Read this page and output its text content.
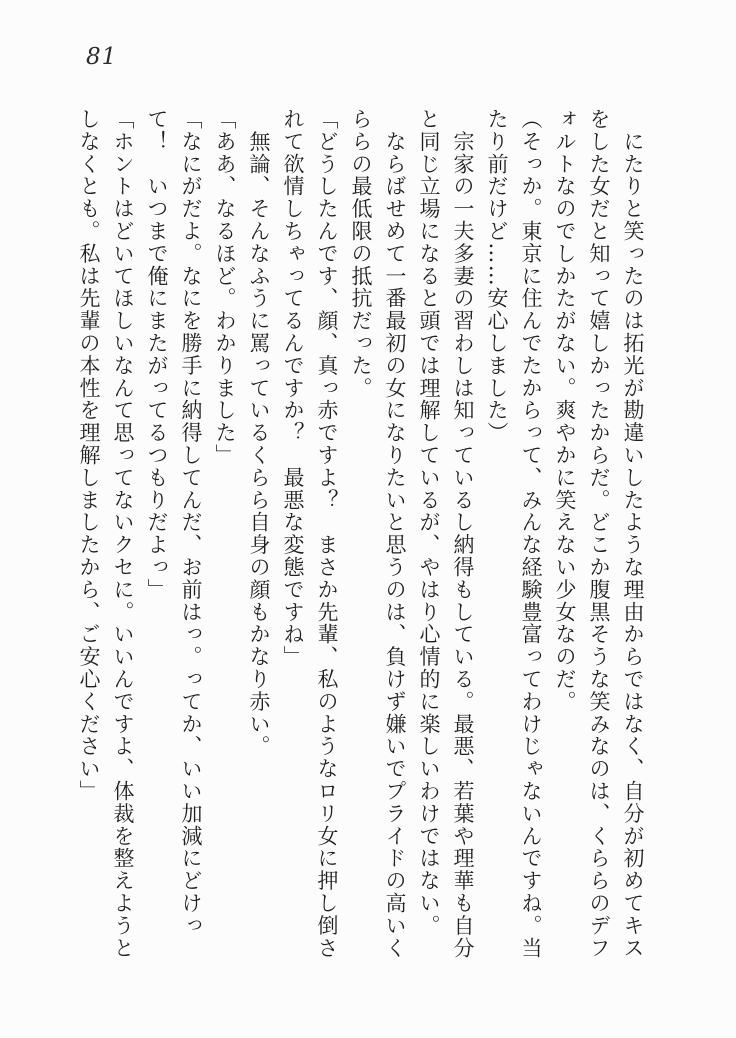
81
　にたりと笑ったのは拓光が勘違いしたような理由からではなく、自分が初めてキス
をした女だと知って嬉しかったからだ。どこか腹黒そうな笑みなのは、くららのデフ
ォルトなのでしかたがない。爽やかに笑えない少女なのだ。
（そっか。東京に住んでたからって、みんな経験豊富ってわけじゃないんですね。当
たり前だけど……安心しました）
　宗家の一夫多妻の習わしは知っているし納得もしている。最悪、若葉や理華も自分
と同じ立場になると頭では理解しているが、やはり心情的に楽しいわけではない。
　ならばせめて一番最初の女になりたいと思うのは、負けず嫌いでプライドの高いく
ららの最低限の抵抗だった。
「どうしたんです、顔、真っ赤ですよ？　まさか先輩、私のようなロリ女に押し倒さ
れて欲情しちゃってるんですか？　最悪な変態ですね」
　無論、そんなふうに罵っているくらら自身の顔もかなり赤い。
「ああ、なるほど。わかりました」
「なにがだよ。なにを勝手に納得してんだ、お前はっ。ってか、いい加減にどけっ
て！　いつまで俺にまたがってるつもりだよっ」
「ホントはどいてほしいなんて思ってないクセに。いいんですよ、体裁を整えようと
しなくとも。私は先輩の本性を理解しましたから、ご安心ください」
